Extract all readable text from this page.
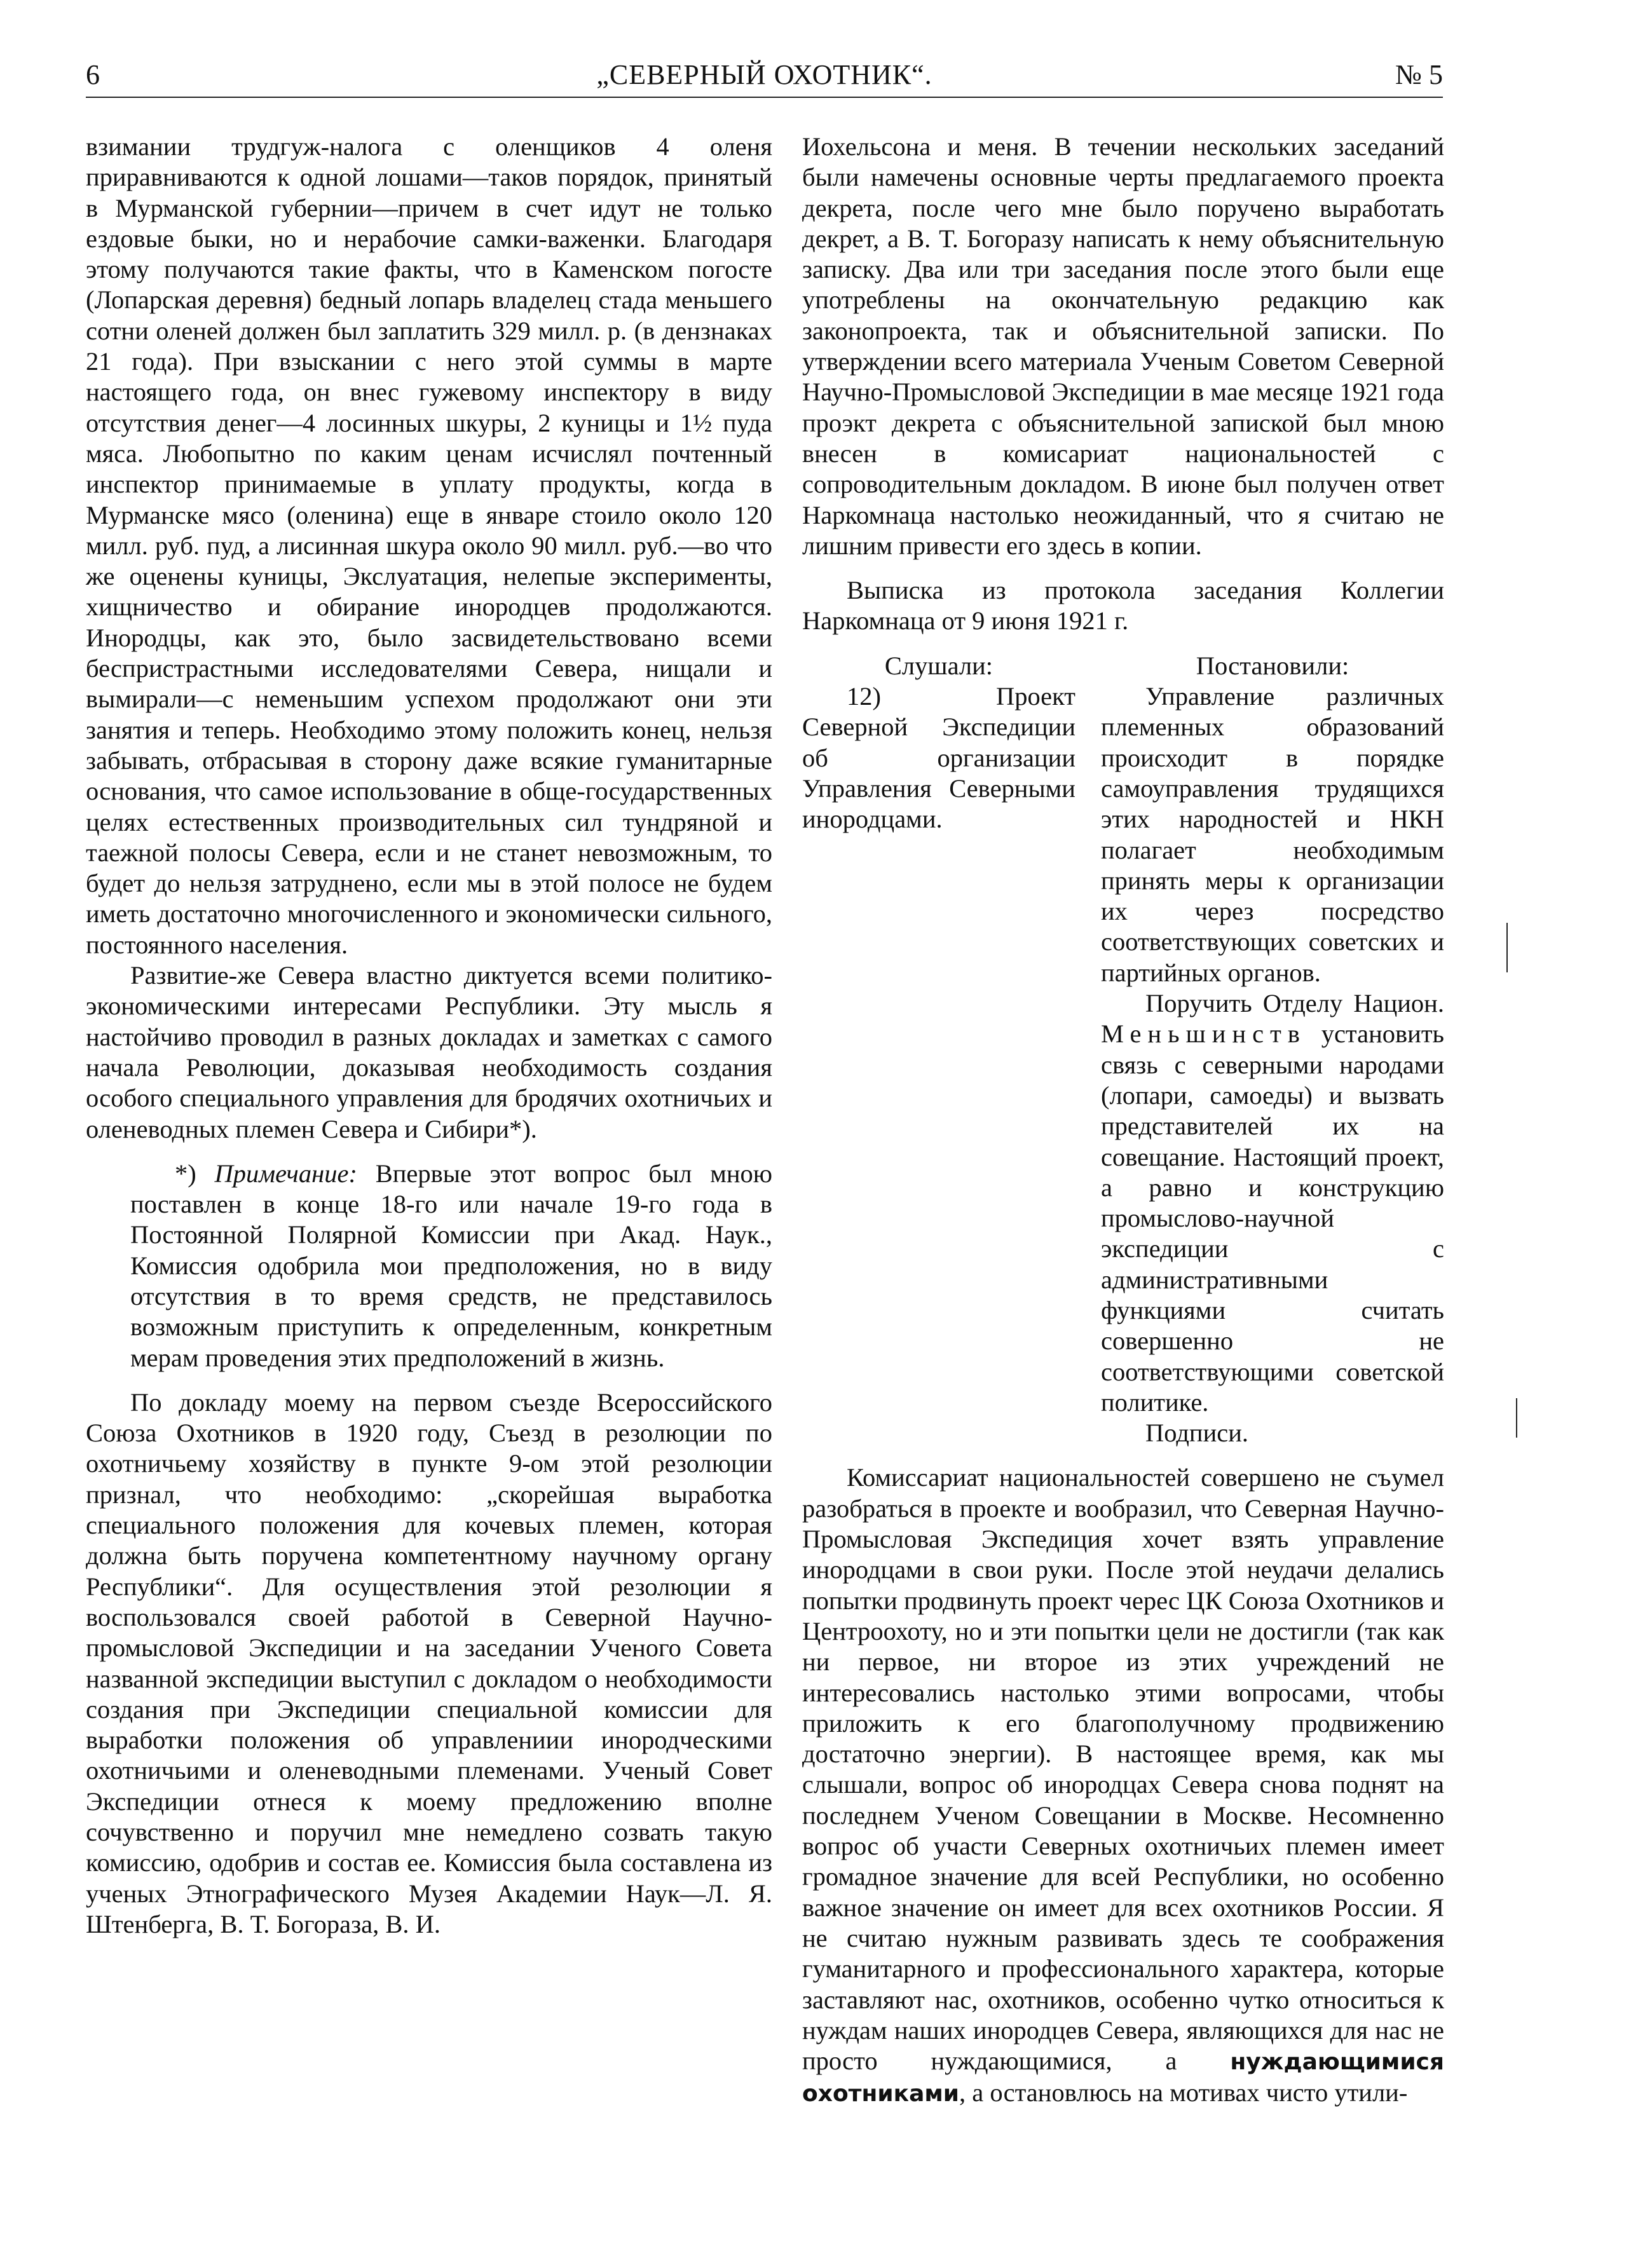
6	„СЕВЕРНЫЙ ОХОТНИК“.	№ 5

взимании трудгуж-налога с оленщиков 4 оленя приравниваются к одной лошами—таков порядок, принятый в Мурманской губернии—причем в счет идут не только ездовые быки, но и нерабочие самки-важенки. Благодаря этому получаются такие факты, что в Каменском погосте (Лопарская деревня) бедный лопарь владелец стада меньшего сотни оленей должен был заплатить 329 милл. р. (в дензнаках 21 года). При взыскании с него этой суммы в марте настоящего года, он внес гужевому инспектору в виду отсутствия денег—4 лосинных шкуры, 2 куницы и 1½ пуда мяса. Любопытно по каким ценам исчислял почтенный инспектор принимаемые в уплату продукты, когда в Мурманске мясо (оленина) еще в январе стоило около 120 милл. руб. пуд, а лисинная шкура около 90 милл. руб.—во что же оценены куницы, Экслуатация, нелепые эксперименты, хищничество и обирание инородцев продолжаются. Инородцы, как это, было засвидетельствовано всеми беспристрастными исследователями Севера, нищали и вымирали—с неменьшим успехом продолжают они эти занятия и теперь. Необходимо этому положить конец, нельзя забывать, отбрасывая в сторону даже всякие гуманитарные основания, что самое использование в обще-государственных целях естественных производительных сил тундряной и таежной полосы Севера, если и не станет невозможным, то будет до нельзя затруднено, если мы в этой полосе не будем иметь достаточно многочисленного и экономически сильного, постоянного населения.

Развитие-же Севера властно диктуется всеми политико-экономическими интересами Республики. Эту мысль я настойчиво проводил в разных докладах и заметках с самого начала Революции, доказывая необходимость создания особого специального управления для бродячих охотничьих и оленеводных племен Севера и Сибири*).

*) Примечание: Впервые этот вопрос был мною поставлен в конце 18-го или начале 19-го года в Постоянной Полярной Комиссии при Акад. Наук., Комиссия одобрила мои предположения, но в виду отсутствия в то время средств, не представилось возможным приступить к определенным, конкретным мерам проведения этих предположений в жизнь.

По докладу моему на первом съезде Всероссийского Союза Охотников в 1920 году, Съезд в резолюции по охотничьему хозяйству в пункте 9-ом этой резолюции признал, что необходимо: „скорейшая выработка специального положения для кочевых племен, которая должна быть поручена компетентному научному органу Республики“. Для осуществления этой резолюции я воспользовался своей работой в Северной Научно-промысловой Экспедиции и на заседании Ученого Совета названной экспедиции выступил с докладом о необходимости создания при Экспедиции специальной комиссии для выработки положения об управлениии инородческими охотничьими и оленеводными племенами. Ученый Совет Экспедиции отнеся к моему предложению вполне сочувственно и поручил мне немедлено созвать такую комиссию, одобрив и состав ее. Комиссия была составлена из ученых Этнографического Музея Академии Наук—Л. Я. Штенберга, В. Т. Богораза, В. И.

Иохельсона и меня. В течении нескольких заседаний были намечены основные черты предлагаемого проекта декрета, после чего мне было поручено выработать декрет, а В. Т. Богоразу написать к нему объяснительную записку. Два или три заседания после этого были еще употреблены на окончательную редакцию как законопроекта, так и объяснительной записки. По утверждении всего материала Ученым Советом Северной Научно-Промысловой Экспедиции в мае месяце 1921 года проэкт декрета с объяснительной запиской был мною внесен в комисариат национальностей с сопроводительным докладом. В июне был получен ответ Наркомнаца настолько неожиданный, что я считаю не лишним привести его здесь в копии.

Выписка из протокола заседания Коллегии Наркомнаца от 9 июня 1921 г.

Слушали:

12) Проект Северной Экспедиции об организации Управления Северными инородцами.

Постановили:

Управление различных племенных образований происходит в порядке самоуправления трудящихся этих народностей и НКН полагает необходимым принять меры к организации их через посредство соответствующих советских и партийных органов.

Поручить Отделу Национ. Меньшинств установить связь с северными народами (лопари, самоеды) и вызвать представителей их на совещание. Настоящий проект, а равно и конструкцию промыслово-научной экспедиции с административными функциями считать совершенно не соответствующими советской политике.

Подписи.

Комиссариат национальностей совершено не съумел разобраться в проекте и вообразил, что Северная Научно-Промысловая Экспедиция хочет взять управление инородцами в свои руки. После этой неудачи делались попытки продвинуть проект черес ЦК Союза Охотников и Центроохоту, но и эти попытки цели не достигли (так как ни первое, ни второе из этих учреждений не интересовались настолько этими вопросами, чтобы приложить к его благополучному продвижению достаточно энергии). В настоящее время, как мы слышали, вопрос об инородцах Севера снова поднят на последнем Ученом Совещании в Москве. Несомненно вопрос об участи Северных охотничьих племен имеет громадное значение для всей Республики, но особенно важное значение он имеет для всех охотников России. Я не считаю нужным развивать здесь те соображения гуманитарного и профессионального характера, которые заставляют нас, охотников, особенно чутко относиться к нуждам наших инородцев Севера, являющихся для нас не просто нуждающимися, а нуждающимися охотниками, а остановлюсь на мотивах чисто утили-
